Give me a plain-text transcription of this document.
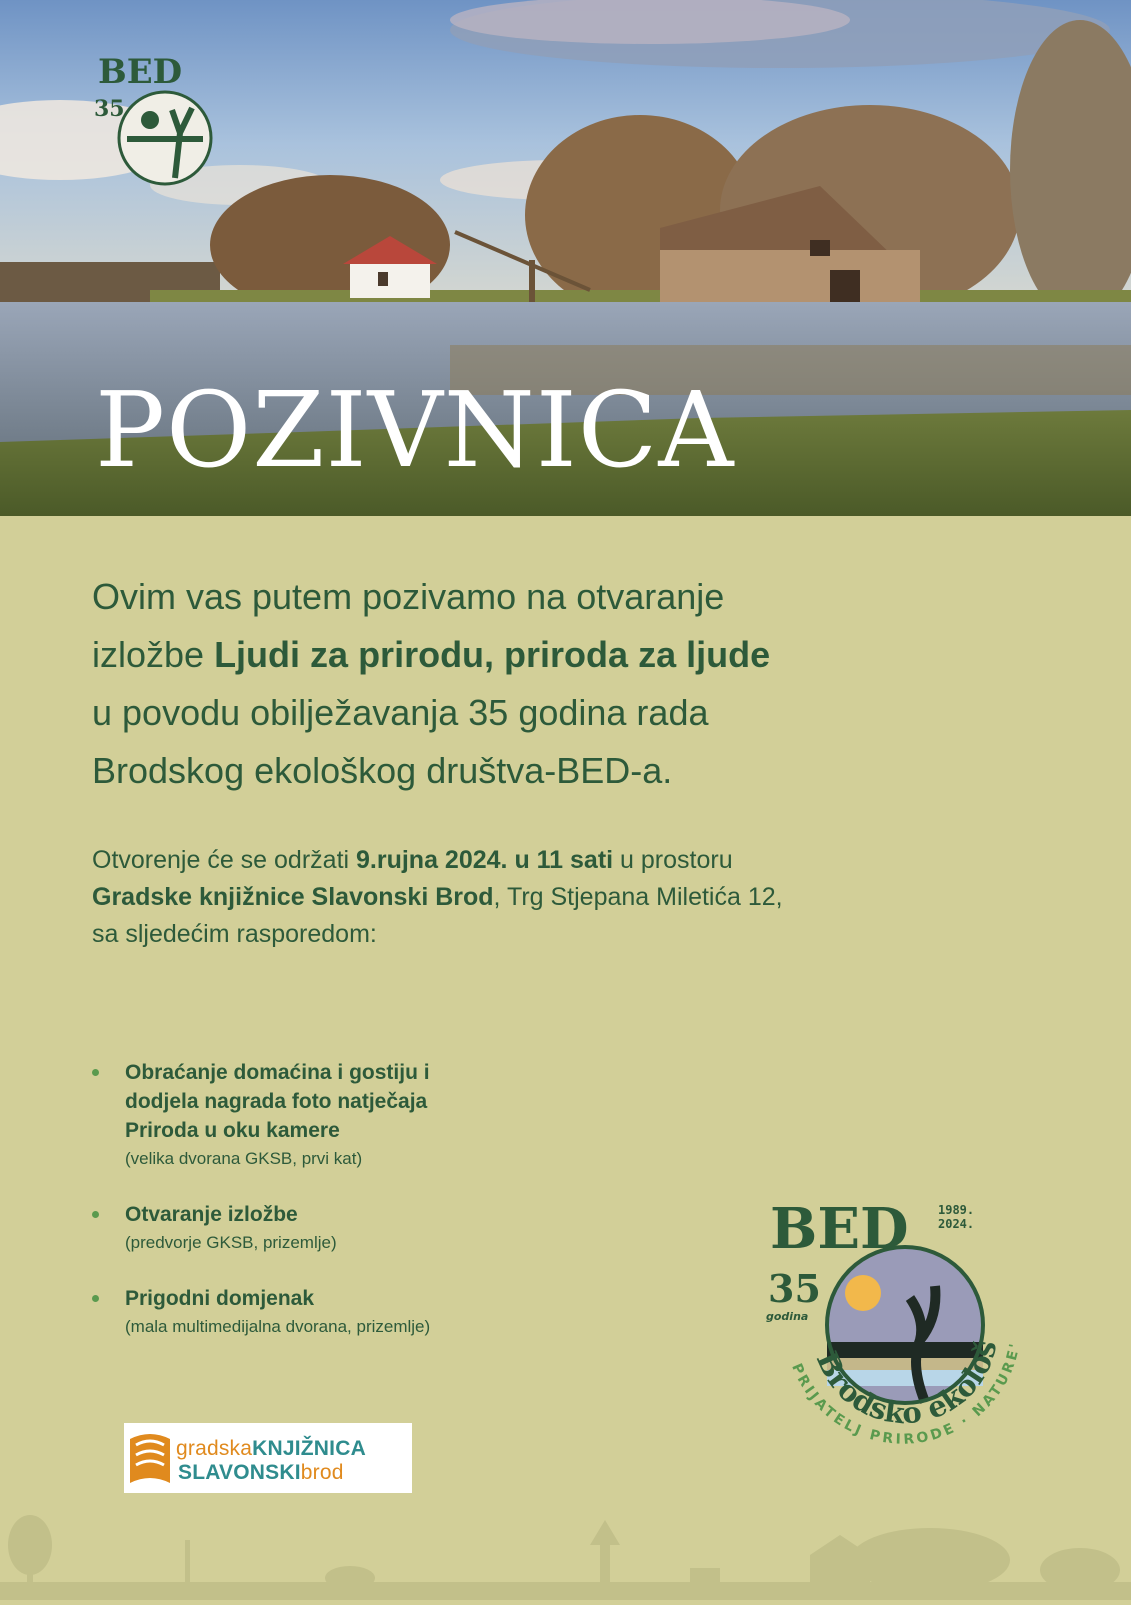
POZIVNICA
BED
35

Ovim vas putem pozivamo na otvaranje
izložbe Ljudi za prirodu, priroda za ljude
u povodu obilježavanja 35 godina rada
Brodskog ekološkog društva-BED-a.

Otvorenje će se održati 9.rujna 2024. u 11 sati u prostoru
Gradske knjižnice Slavonski Brod, Trg Stjepana Miletića 12,
sa sljedećim rasporedom:

Obraćanje domaćina i gostiju i
dodjela nagrada foto natječaja
Priroda u oku kamere
(velika dvorana GKSB, prvi kat)
Otvaranje izložbe
(predvorje GKSB, prizemlje)
Prigodni domjenak
(mala multimedijalna dvorana, prizemlje)
gradskaKNJIŽNICA
SLAVONSKIbrod
BED 1989. 2024.
35
godina
Brodsko ekološ
PRIJATELJ PRIRODE · NATURE'
